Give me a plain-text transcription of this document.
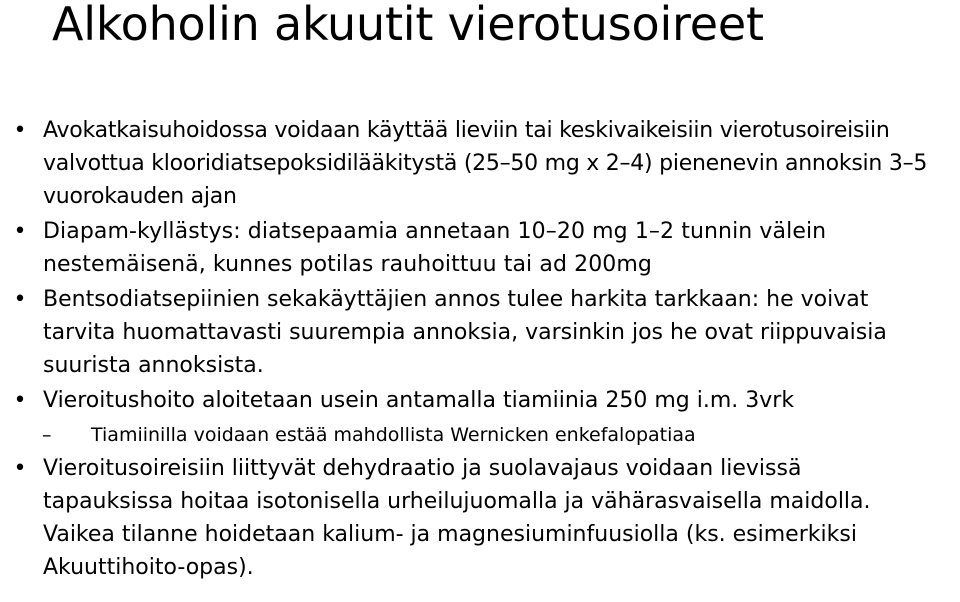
Alkoholin akuutit vierotusoireet
• Avokatkaisuhoidossa voidaan käyttää lieviin tai keskivaikeisiin vierotusoireisiin valvottua klooridiatsepoksidilääkitystä (25–50 mg x 2–4) pienenevin annoksin 3–5 vuorokauden ajan
• Diapam-kyllästys: diatsepaamia annetaan 10–20 mg 1–2 tunnin välein nestemäisenä, kunnes potilas rauhoittuu tai ad 200mg
• Bentsodiatsepiinien sekakäyttäjien annos tulee harkita tarkkaan: he voivat tarvita huomattavasti suurempia annoksia, varsinkin jos he ovat riippuvaisia suurista annoksista.
• Vieroitushoito aloitetaan usein antamalla tiamiinia 250 mg i.m. 3vrk
–	Tiamiinilla voidaan estää mahdollista Wernicken enkefalopatiaa
• Vieroitusoireisiin liittyvät dehydraatio ja suolavajaus voidaan lievissä tapauksissa hoitaa isotonisella urheilujuomalla ja vähärasvaisella maidolla. Vaikea tilanne hoidetaan kalium- ja magnesiuminfuusiolla (ks. esimerkiksi Akuuttihoito-opas).
